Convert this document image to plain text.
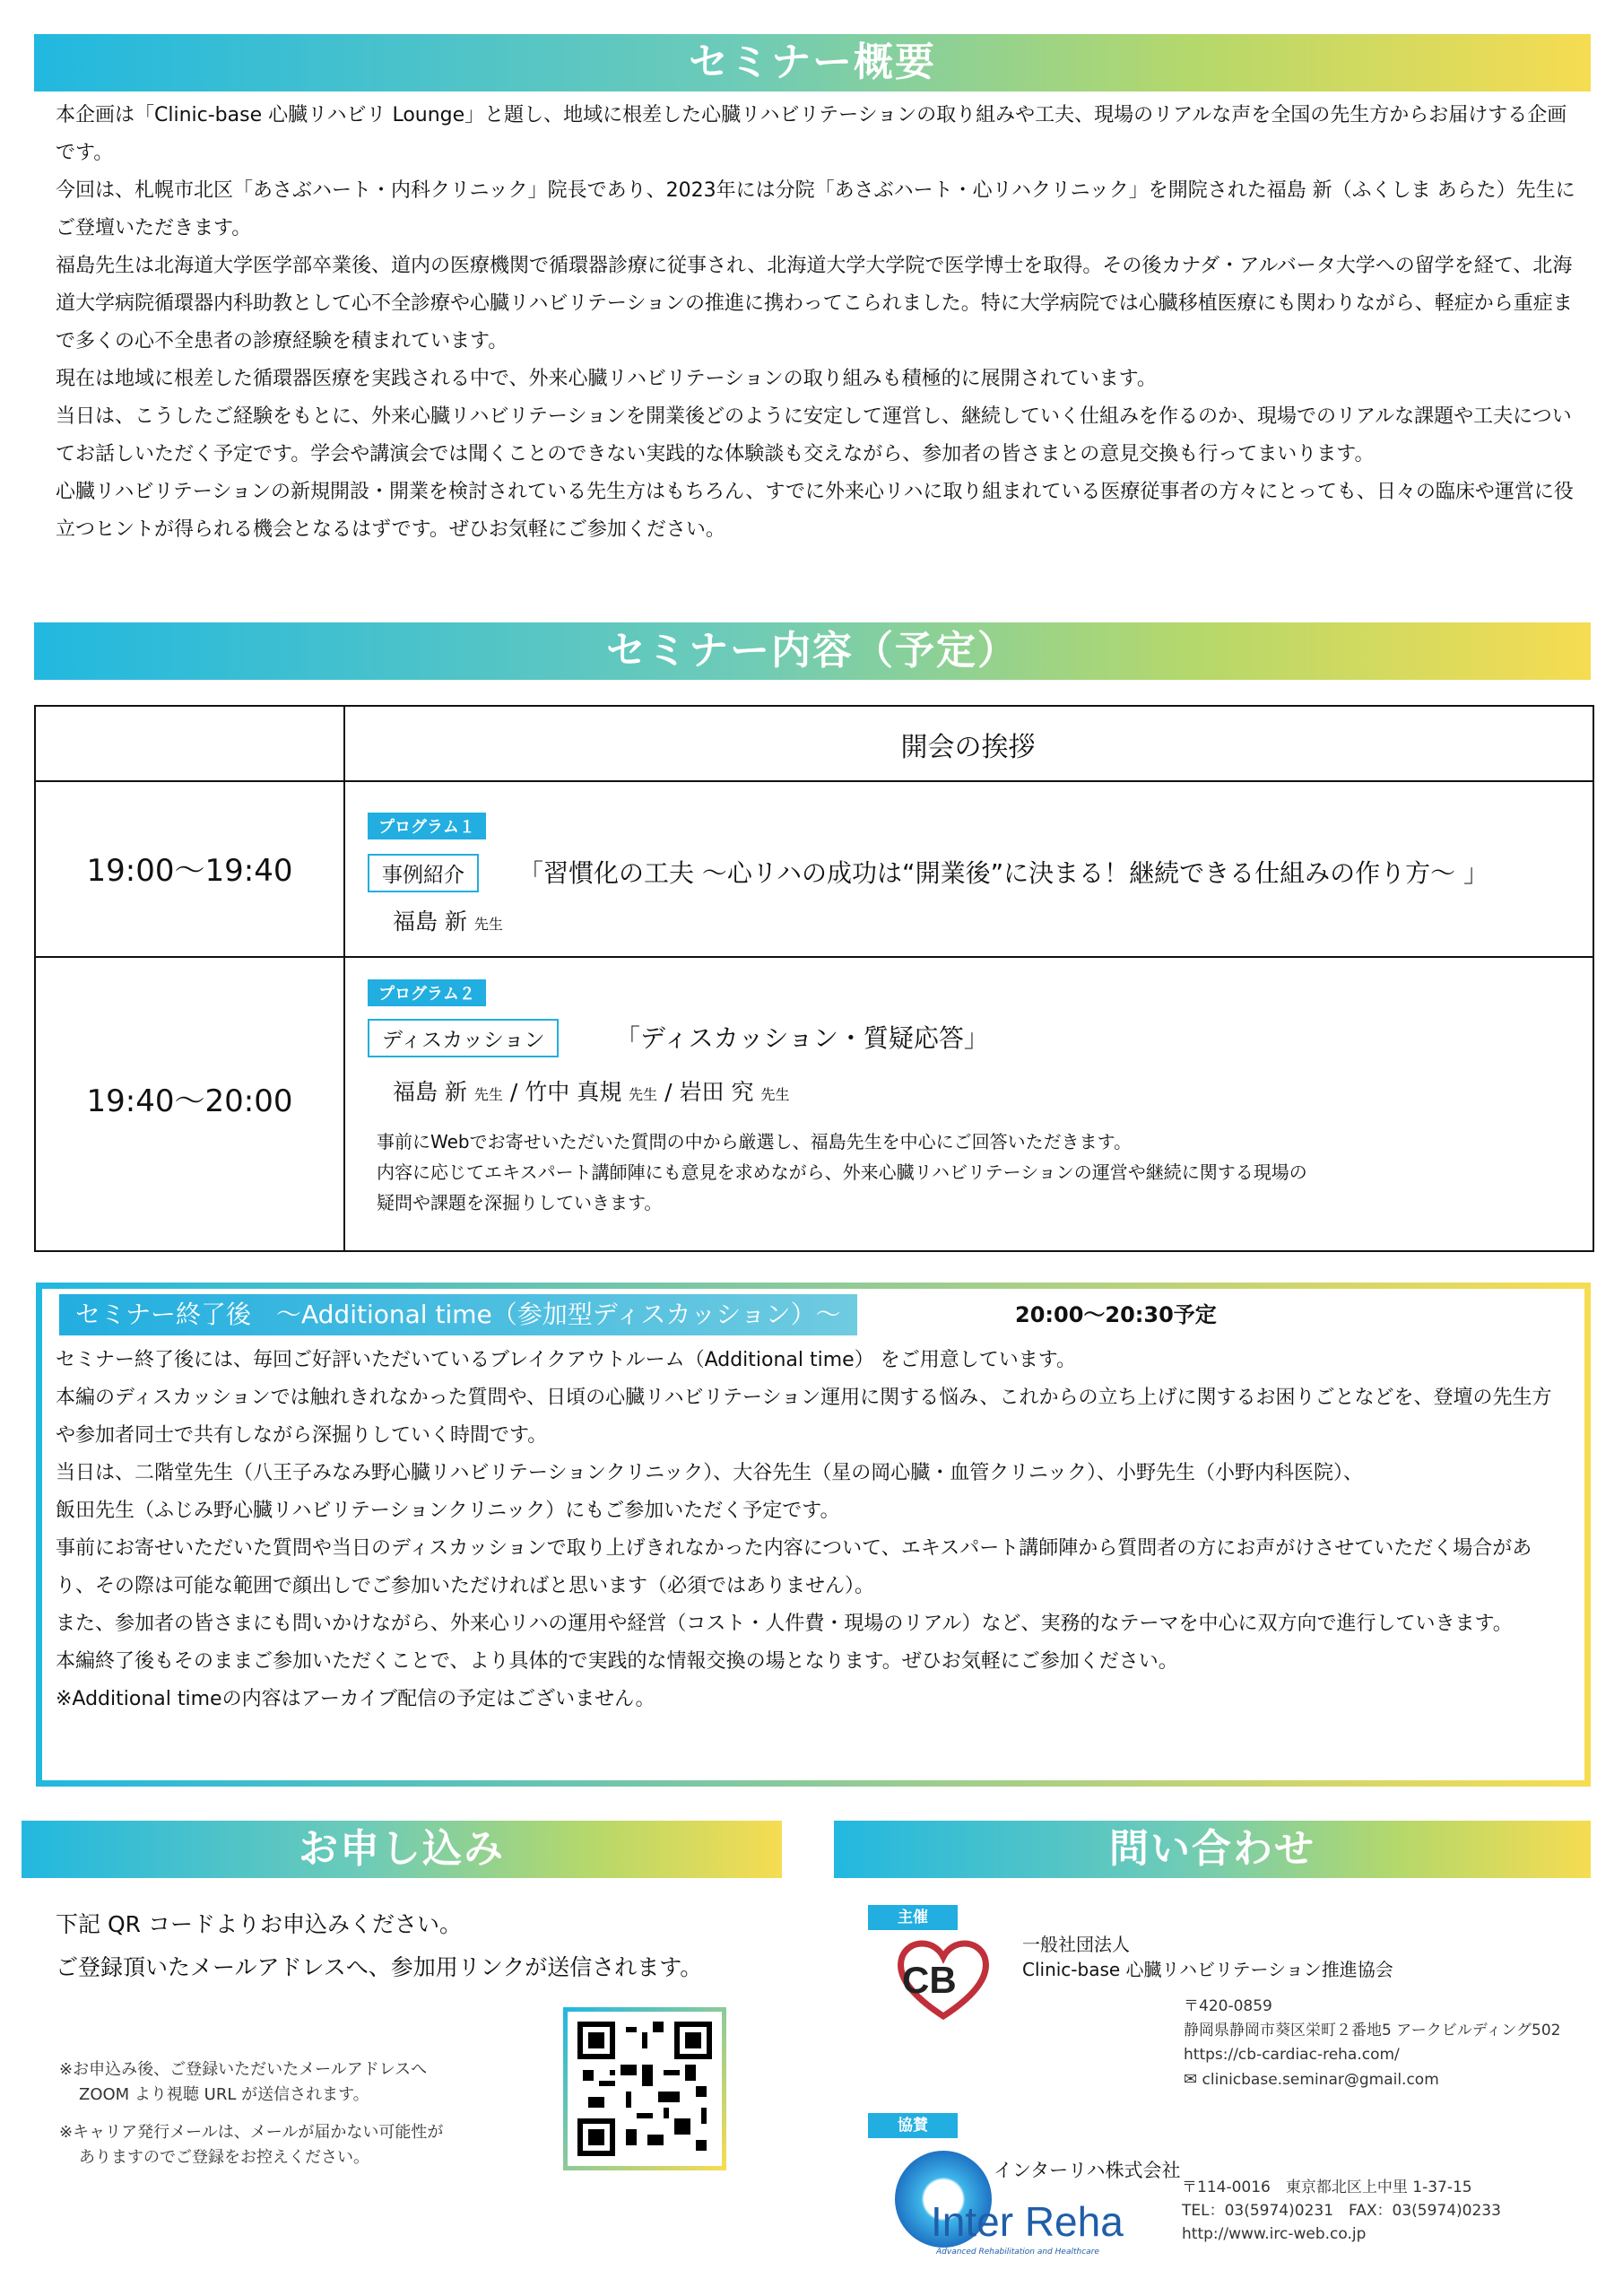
セミナー概要

本企画は「Clinic-base 心臓リハビリ Lounge」と題し、地域に根差した心臓リハビリテーションの取り組みや工夫、現場のリアルな声を全国の先生方からお届けする企画です。

今回は、札幌市北区「あさぶハート・内科クリニック」院長であり、2023年には分院「あさぶハート・心リハクリニック」を開院された福島 新（ふくしま あらた）先生にご登壇いただきます。

福島先生は北海道大学医学部卒業後、道内の医療機関で循環器診療に従事され、北海道大学大学院で医学博士を取得。その後カナダ・アルバータ大学への留学を経て、北海道大学病院循環器内科助教として心不全診療や心臓リハビリテーションの推進に携わってこられました。特に大学病院では心臓移植医療にも関わりながら、軽症から重症まで多くの心不全患者の診療経験を積まれています。

現在は地域に根差した循環器医療を実践される中で、外来心臓リハビリテーションの取り組みも積極的に展開されています。

当日は、こうしたご経験をもとに、外来心臓リハビリテーションを開業後どのように安定して運営し、継続していく仕組みを作るのか、現場でのリアルな課題や工夫についてお話しいただく予定です。学会や講演会では聞くことのできない実践的な体験談も交えながら、参加者の皆さまとの意見交換も行ってまいります。

心臓リハビリテーションの新規開設・開業を検討されている先生方はもちろん、すでに外来心リハに取り組まれている医療従事者の方々にとっても、日々の臨床や運営に役立つヒントが得られる機会となるはずです。ぜひお気軽にご参加ください。

セミナー内容（予定）
開会の挨拶
19:00〜19:40
プログラム１
事例紹介	「習慣化の工夫 〜心リハの成功は“開業後”に決まる！継続できる仕組みの作り方〜 」
福島 新 先生
19:40〜20:00
プログラム２
ディスカッション	「ディスカッション・質疑応答」
福島 新 先生 / 竹中 真規 先生 / 岩田 究 先生
事前にWebでお寄せいただいた質問の中から厳選し、福島先生を中心にご回答いただきます。
内容に応じてエキスパート講師陣にも意見を求めながら、外来心臓リハビリテーションの運営や継続に関する現場の
疑問や課題を深掘りしていきます。
セミナー終了後　〜Additional time（参加型ディスカッション）〜	20:00〜20:30予定
セミナー終了後には、毎回ご好評いただいているブレイクアウトルーム（Additional time） をご用意しています。
本編のディスカッションでは触れきれなかった質問や、日頃の心臓リハビリテーション運用に関する悩み、これからの立ち上げに関するお困りごとなどを、登壇の先生方や参加者同士で共有しながら深掘りしていく時間です。
当日は、二階堂先生（八王子みなみ野心臓リハビリテーションクリニック）、大谷先生（星の岡心臓・血管クリニック）、小野先生（小野内科医院）、
飯田先生（ふじみ野心臓リハビリテーションクリニック）にもご参加いただく予定です。
事前にお寄せいただいた質問や当日のディスカッションで取り上げきれなかった内容について、エキスパート講師陣から質問者の方にお声がけさせていただく場合があり、その際は可能な範囲で顔出しでご参加いただければと思います（必須ではありません）。
また、参加者の皆さまにも問いかけながら、外来心リハの運用や経営（コスト・人件費・現場のリアル）など、実務的なテーマを中心に双方向で進行していきます。
本編終了後もそのままご参加いただくことで、より具体的で実践的な情報交換の場となります。ぜひお気軽にご参加ください。
※Additional timeの内容はアーカイブ配信の予定はございません。
お申し込み
下記 QR コードよりお申込みください。
ご登録頂いたメールアドレスへ、参加用リンクが送信されます。
※お申込み後、ご登録いただいたメールアドレスへ
ZOOM より視聴 URL が送信されます。
※キャリア発行メールは、メールが届かない可能性が
ありますのでご登録をお控えください。
問い合わせ
主催
CB
一般社団法人
Clinic-base 心臓リハビリテーション推進協会
〒420-0859
静岡県静岡市葵区栄町２番地5 アークビルディング502
https://cb-cardiac-reha.com/
✉ clinicbase.seminar@gmail.com
協賛
Inter Reha
Advanced Rehabilitation and Healthcare
インターリハ株式会社
〒114-0016　東京都北区上中里 1-37-15
TEL：03(5974)0231　FAX：03(5974)0233
http://www.irc-web.co.jp
